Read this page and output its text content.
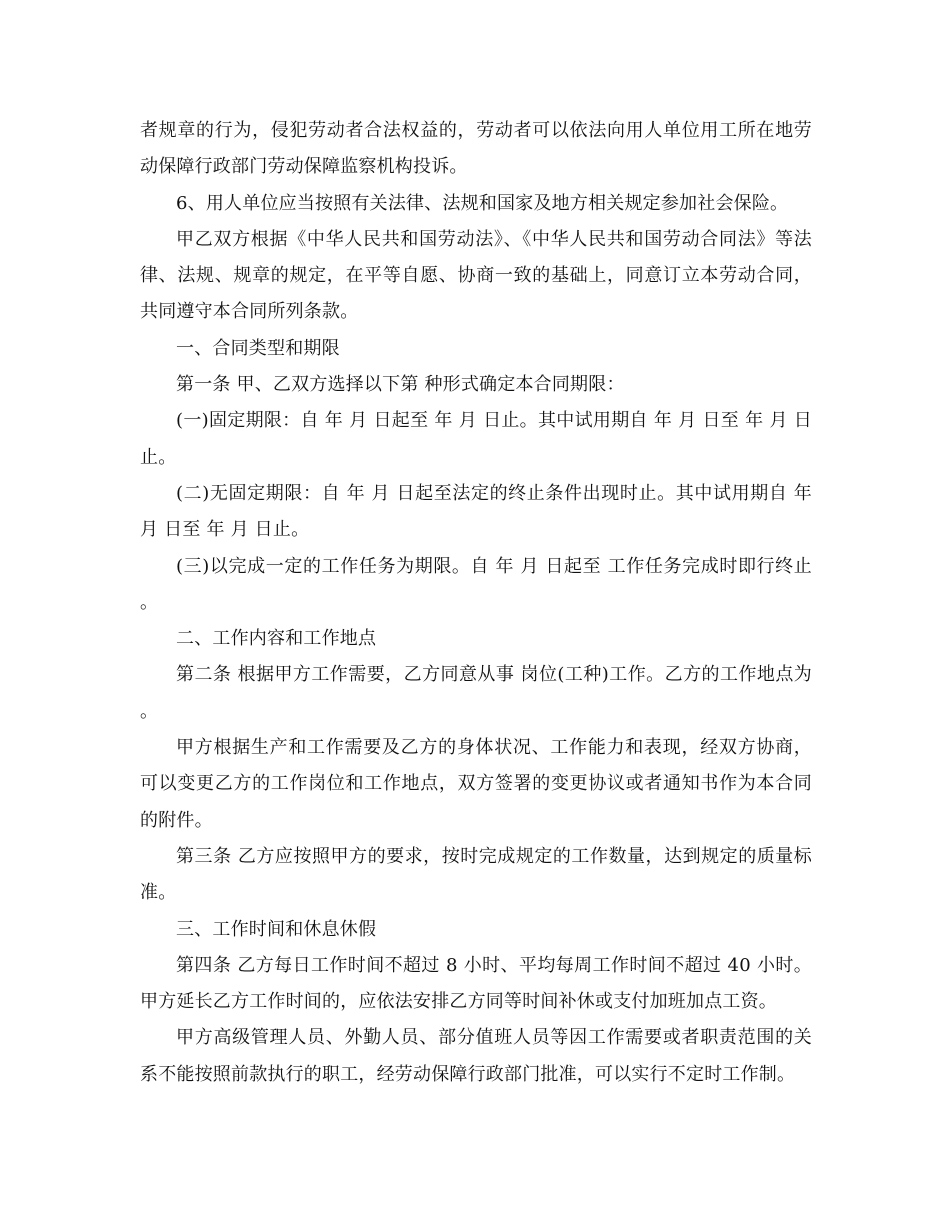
者规章的行为，侵犯劳动者合法权益的，劳动者可以依法向用人单位用工所在地劳动保障行政部门劳动保障监察机构投诉。

6、用人单位应当按照有关法律、法规和国家及地方相关规定参加社会保险。

甲乙双方根据《中华人民共和国劳动法》、《中华人民共和国劳动合同法》等法律、法规、规章的规定，在平等自愿、协商一致的基础上，同意订立本劳动合同，共同遵守本合同所列条款。

一、合同类型和期限

第一条 甲、乙双方选择以下第 种形式确定本合同期限：

(一)固定期限：自 年 月 日起至 年 月 日止。其中试用期自 年 月 日至 年 月 日止。

(二)无固定期限：自 年 月 日起至法定的终止条件出现时止。其中试用期自 年 月 日至 年 月 日止。

(三)以完成一定的工作任务为期限。自 年 月 日起至 工作任务完成时即行终止。

二、工作内容和工作地点

第二条 根据甲方工作需要，乙方同意从事 岗位(工种)工作。乙方的工作地点为 。

甲方根据生产和工作需要及乙方的身体状况、工作能力和表现，经双方协商，可以变更乙方的工作岗位和工作地点，双方签署的变更协议或者通知书作为本合同的附件。

第三条 乙方应按照甲方的要求，按时完成规定的工作数量，达到规定的质量标准。

三、工作时间和休息休假

第四条 乙方每日工作时间不超过 8 小时、平均每周工作时间不超过 40 小时。甲方延长乙方工作时间的，应依法安排乙方同等时间补休或支付加班加点工资。

甲方高级管理人员、外勤人员、部分值班人员等因工作需要或者职责范围的关系不能按照前款执行的职工，经劳动保障行政部门批准，可以实行不定时工作制。
